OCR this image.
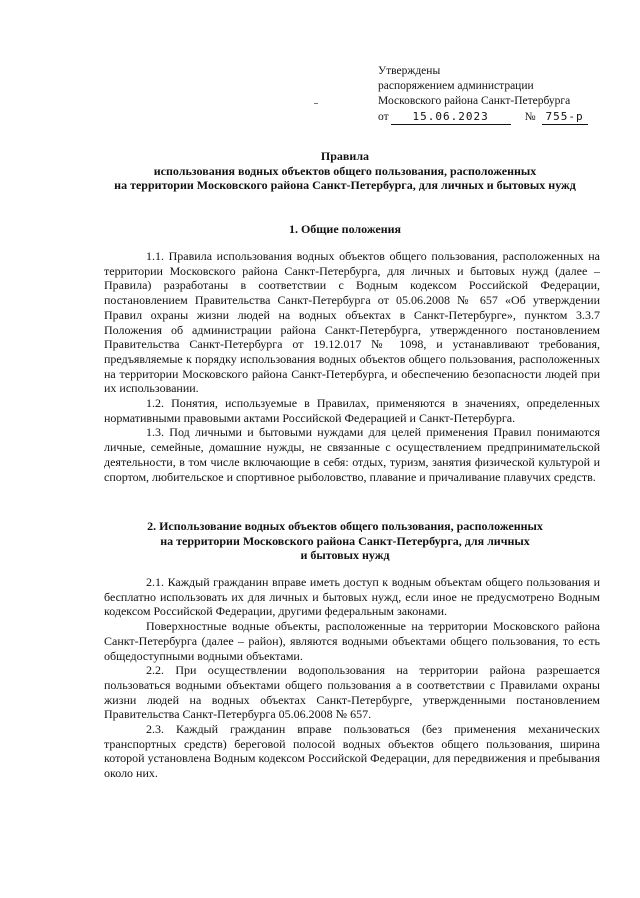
Утверждены
распоряжением администрации
Московского района Санкт-Петербурга
от	15.06.2023	№ 755-р
Правила
использования водных объектов общего пользования, расположенных
на территории Московского района Санкт-Петербурга, для личных и бытовых нужд
1. Общие положения

1.1. Правила использования водных объектов общего пользования, расположенных на территории Московского района Санкт-Петербурга, для личных и бытовых нужд (далее – Правила) разработаны в соответствии с Водным кодексом Российской Федерации, постановлением Правительства Санкт-Петербурга от 05.06.2008 № 657 «Об утверждении Правил охраны жизни людей на водных объектах в Санкт-Петербурге», пунктом 3.3.7 Положения об администрации района Санкт-Петербурга, утвержденного постановлением Правительства Санкт-Петербурга от 19.12.017 № 1098, и устанавливают требования, предъявляемые к порядку использования водных объектов общего пользования, расположенных на территории Московского района Санкт-Петербурга, и обеспечению безопасности людей при их использовании.

1.2. Понятия, используемые в Правилах, применяются в значениях, определенных нормативными правовыми актами Российской Федерацией и Санкт-Петербурга.

1.3. Под личными и бытовыми нуждами для целей применения Правил понимаются личные, семейные, домашние нужды, не связанные с осуществлением предпринимательской деятельности, в том числе включающие в себя: отдых, туризм, занятия физической культурой и спортом, любительское и спортивное рыболовство, плавание и причаливание плавучих средств.

2. Использование водных объектов общего пользования, расположенных
на территории Московского района Санкт-Петербурга, для личных
и бытовых нужд

2.1. Каждый гражданин вправе иметь доступ к водным объектам общего пользования и бесплатно использовать их для личных и бытовых нужд, если иное не предусмотрено Водным кодексом Российской Федерации, другими федеральным законами.

Поверхностные водные объекты, расположенные на территории Московского района Санкт-Петербурга (далее – район), являются водными объектами общего пользования, то есть общедоступными водными объектами.

2.2. При осуществлении водопользования на территории района разрешается пользоваться водными объектами общего пользования а в соответствии с Правилами охраны жизни людей на водных объектах Санкт-Петербурге, утвержденными постановлением Правительства Санкт-Петербурга 05.06.2008 № 657.

2.3. Каждый гражданин вправе пользоваться (без применения механических транспортных средств) береговой полосой водных объектов общего пользования, ширина которой установлена Водным кодексом Российской Федерации, для передвижения и пребывания около них.
